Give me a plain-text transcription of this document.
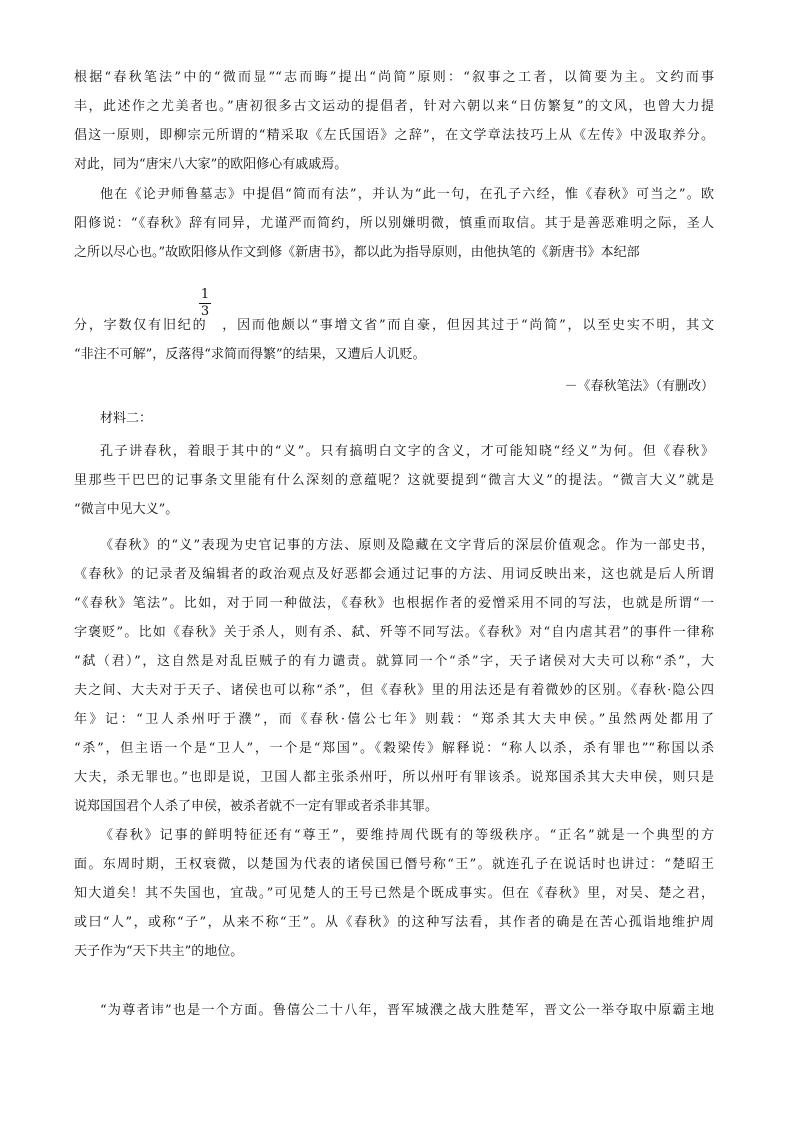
根据“春秋笔法”中的“微而显”“志而晦”提出“尚简”原则：“叙事之工者，以简要为主。文约而事
丰，此述作之尤美者也。”唐初很多古文运动的提倡者，针对六朝以来“日仿繁复”的文风，也曾大力提
倡这一原则，即柳宗元所谓的“精采取《左氏国语》之辞”，在文学章法技巧上从《左传》中汲取养分。
对此，同为“唐宋八大家”的欧阳修心有戚戚焉。
他在《论尹师鲁墓志》中提倡“简而有法”，并认为“此一句，在孔子六经，惟《春秋》可当之”。欧
阳修说：“《春秋》辞有同异，尤谨严而简约，所以别嫌明微，慎重而取信。其于是善恶难明之际，圣人
之所以尽心也。”故欧阳修从作文到修《新唐书》，都以此为指导原则，由他执笔的《新唐书》本纪部
1
3
分，字数仅有旧纪的　，因而他颇以“事增文省”而自豪，但因其过于“尚简”，以至史实不明，其文
“非注不可解”，反落得“求简而得繁”的结果，又遭后人讥贬。
－《春秋笔法》（有删改）
材料二：
孔子讲春秋，着眼于其中的“义”。只有搞明白文字的含义，才可能知晓“经义”为何。但《春秋》
里那些干巴巴的记事条文里能有什么深刻的意蕴呢？这就要提到“微言大义”的提法。“微言大义”就是
“微言中见大义”。
《春秋》的“义”表现为史官记事的方法、原则及隐藏在文字背后的深层价值观念。作为一部史书，
《春秋》的记录者及编辑者的政治观点及好恶都会通过记事的方法、用词反映出来，这也就是后人所谓
“《春秋》笔法”。比如，对于同一种做法，《春秋》也根据作者的爱憎采用不同的写法，也就是所谓“一
字褒贬”。比如《春秋》关于杀人，则有杀、弑、歼等不同写法。《春秋》对“自内虐其君”的事件一律称
“弑（君）”，这自然是对乱臣贼子的有力谴责。就算同一个“杀”字，天子诸侯对大夫可以称“杀”，大
夫之间、大夫对于天子、诸侯也可以称“杀”，但《春秋》里的用法还是有着微妙的区别。《春秋·隐公四
年》记：“卫人杀州吁于濮”，而《春秋·僖公七年》则载：“郑杀其大夫申侯。”虽然两处都用了
“杀”，但主语一个是“卫人”，一个是“郑国”。《穀梁传》解释说：“称人以杀，杀有罪也”“称国以杀
大夫，杀无罪也。”也即是说，卫国人都主张杀州吁，所以州吁有罪该杀。说郑国杀其大夫申侯，则只是
说郑国国君个人杀了申侯，被杀者就不一定有罪或者杀非其罪。
《春秋》记事的鲜明特征还有“尊王”，要维持周代既有的等级秩序。“正名”就是一个典型的方
面。东周时期，王权衰微，以楚国为代表的诸侯国已僭号称“王”。就连孔子在说话时也讲过：“楚昭王
知大道矣！其不失国也，宜哉。”可见楚人的王号已然是个既成事实。但在《春秋》里，对吴、楚之君，
或曰“人”，或称“子”，从来不称“王”。从《春秋》的这种写法看，其作者的确是在苦心孤诣地维护周
天子作为“天下共主”的地位。
“为尊者讳”也是一个方面。鲁僖公二十八年，晋军城濮之战大胜楚军，晋文公一举夺取中原霸主地
